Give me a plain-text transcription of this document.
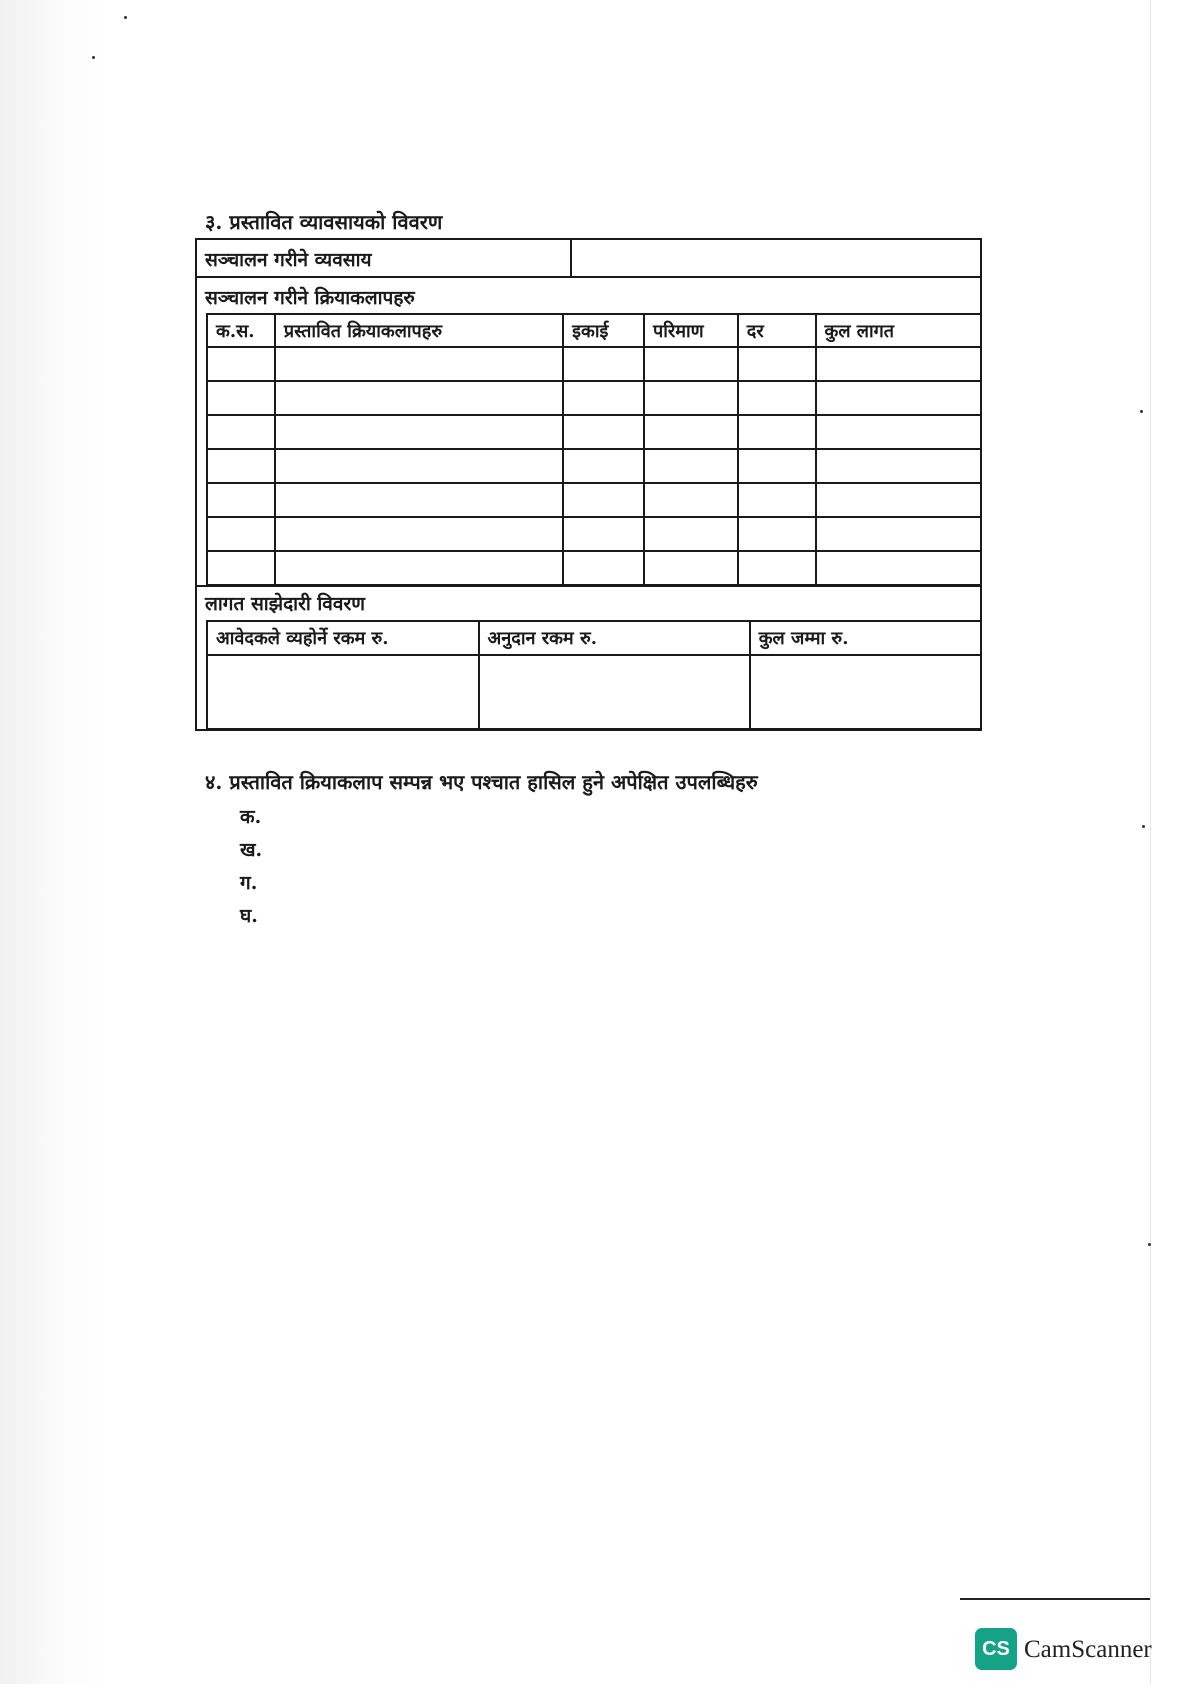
३. प्रस्तावित व्यावसायको विवरण
सञ्चालन गरीने व्यवसाय
सञ्चालन गरीने क्रियाकलापहरु
क.स.	प्रस्तावित क्रियाकलापहरु	इकाई	परिमाण	दर	कुल लागत

लागत साझेदारी विवरण
आवेदकले व्यहोर्ने रकम रु.	अनुदान रकम रु.	कुल जम्मा रु.

४. प्रस्तावित क्रियाकलाप सम्पन्न भए पश्चात हासिल हुने अपेक्षित उपलब्धिहरु
क.
ख.
ग.
घ.
CS CamScanner
